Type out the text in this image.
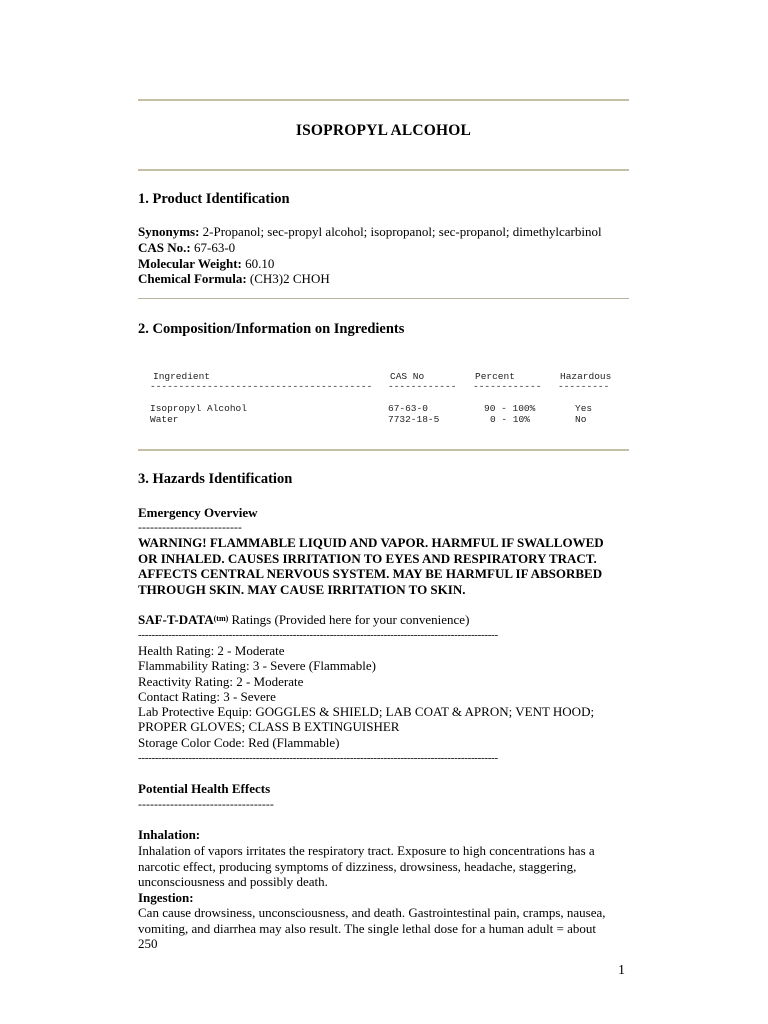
ISOPROPYL ALCOHOL
1. Product Identification
Synonyms: 2-Propanol; sec-propyl alcohol; isopropanol; sec-propanol; dimethylcarbinol
CAS No.: 67-63-0
Molecular Weight: 60.10
Chemical Formula: (CH3)2 CHOH
2. Composition/Information on Ingredients
Ingredient	CAS No	Percent	Hazardous
--------------------------------------- ------------ ------------ ---------
Isopropyl Alcohol	67-63-0	90 - 100%	Yes
Water	7732-18-5	0 - 10%	No
3. Hazards Identification
Emergency Overview
--------------------------
WARNING! FLAMMABLE LIQUID AND VAPOR. HARMFUL IF SWALLOWED OR INHALED. CAUSES IRRITATION TO EYES AND RESPIRATORY TRACT. AFFECTS CENTRAL NERVOUS SYSTEM. MAY BE HARMFUL IF ABSORBED THROUGH SKIN. MAY CAUSE IRRITATION TO SKIN.
SAF-$T-DATA^{(tm)}$ Ratings (Provided here for your convenience)
-----------------------------------------------------------------------------------------------------------
Health Rating: 2 - Moderate
Flammability Rating: 3 - Severe (Flammable)
Reactivity Rating: 2 - Moderate
Contact Rating: 3 - Severe
Lab Protective Equip: GOGGLES & SHIELD; LAB COAT & APRON; VENT HOOD;
PROPER GLOVES; CLASS B EXTINGUISHER
Storage Color Code: Red (Flammable)
-----------------------------------------------------------------------------------------------------------
Potential Health Effects
----------------------------------
Inhalation:
Inhalation of vapors irritates the respiratory tract. Exposure to high concentrations has a narcotic effect, producing symptoms of dizziness, drowsiness, headache, staggering, unconsciousness and possibly death.
Ingestion:
Can cause drowsiness, unconsciousness, and death. Gastrointestinal pain, cramps, nausea, vomiting, and diarrhea may also result. The single lethal dose for a human adult = about 250
1
